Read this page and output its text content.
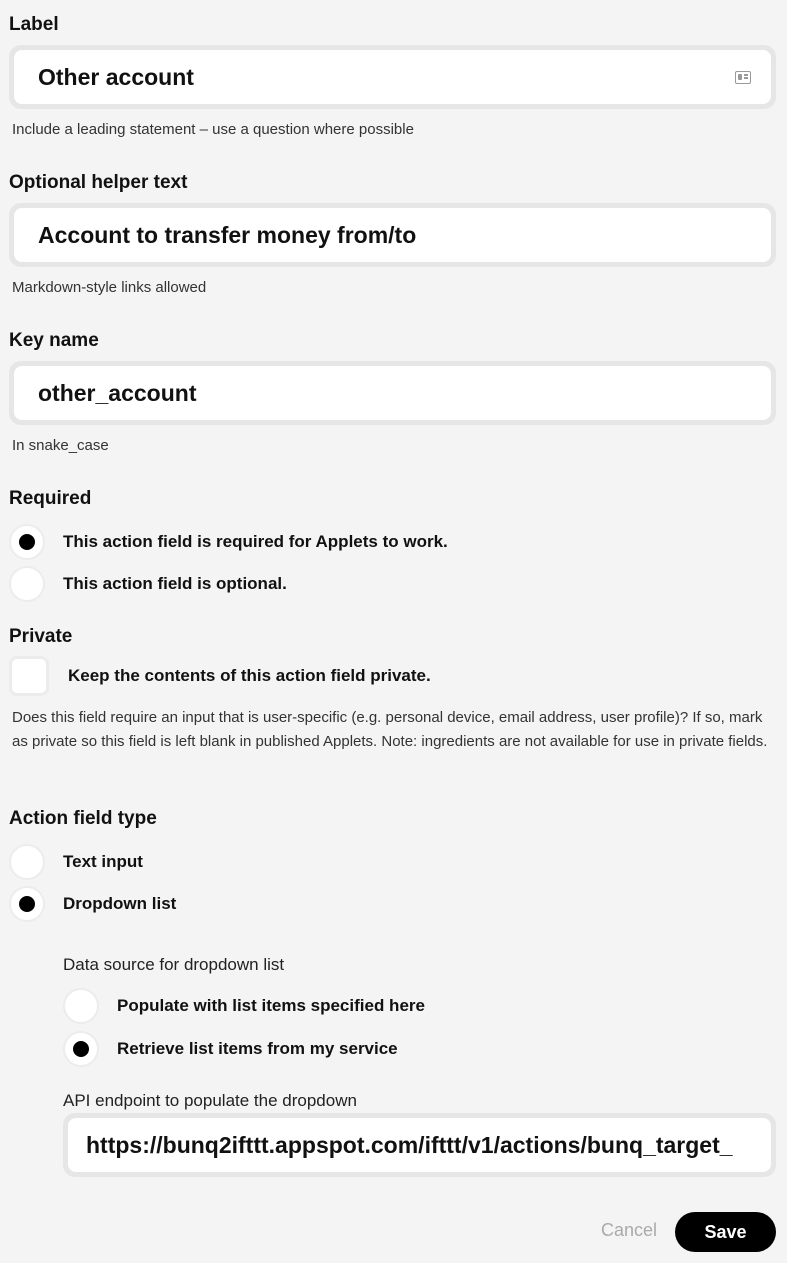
Label
Other account
Include a leading statement – use a question where possible
Optional helper text
Account to transfer money from/to
Markdown-style links allowed
Key name
other_account
In snake_case
Required
This action field is required for Applets to work.
This action field is optional.
Private
Keep the contents of this action field private.
Does this field require an input that is user-specific (e.g. personal device, email address, user profile)? If so, mark as private so this field is left blank in published Applets. Note: ingredients are not available for use in private fields.
Action field type
Text input
Dropdown list
Data source for dropdown list
Populate with list items specified here
Retrieve list items from my service
API endpoint to populate the dropdown
https://bunq2ifttt.appspot.com/ifttt/v1/actions/bunq_target_
Cancel	Save
